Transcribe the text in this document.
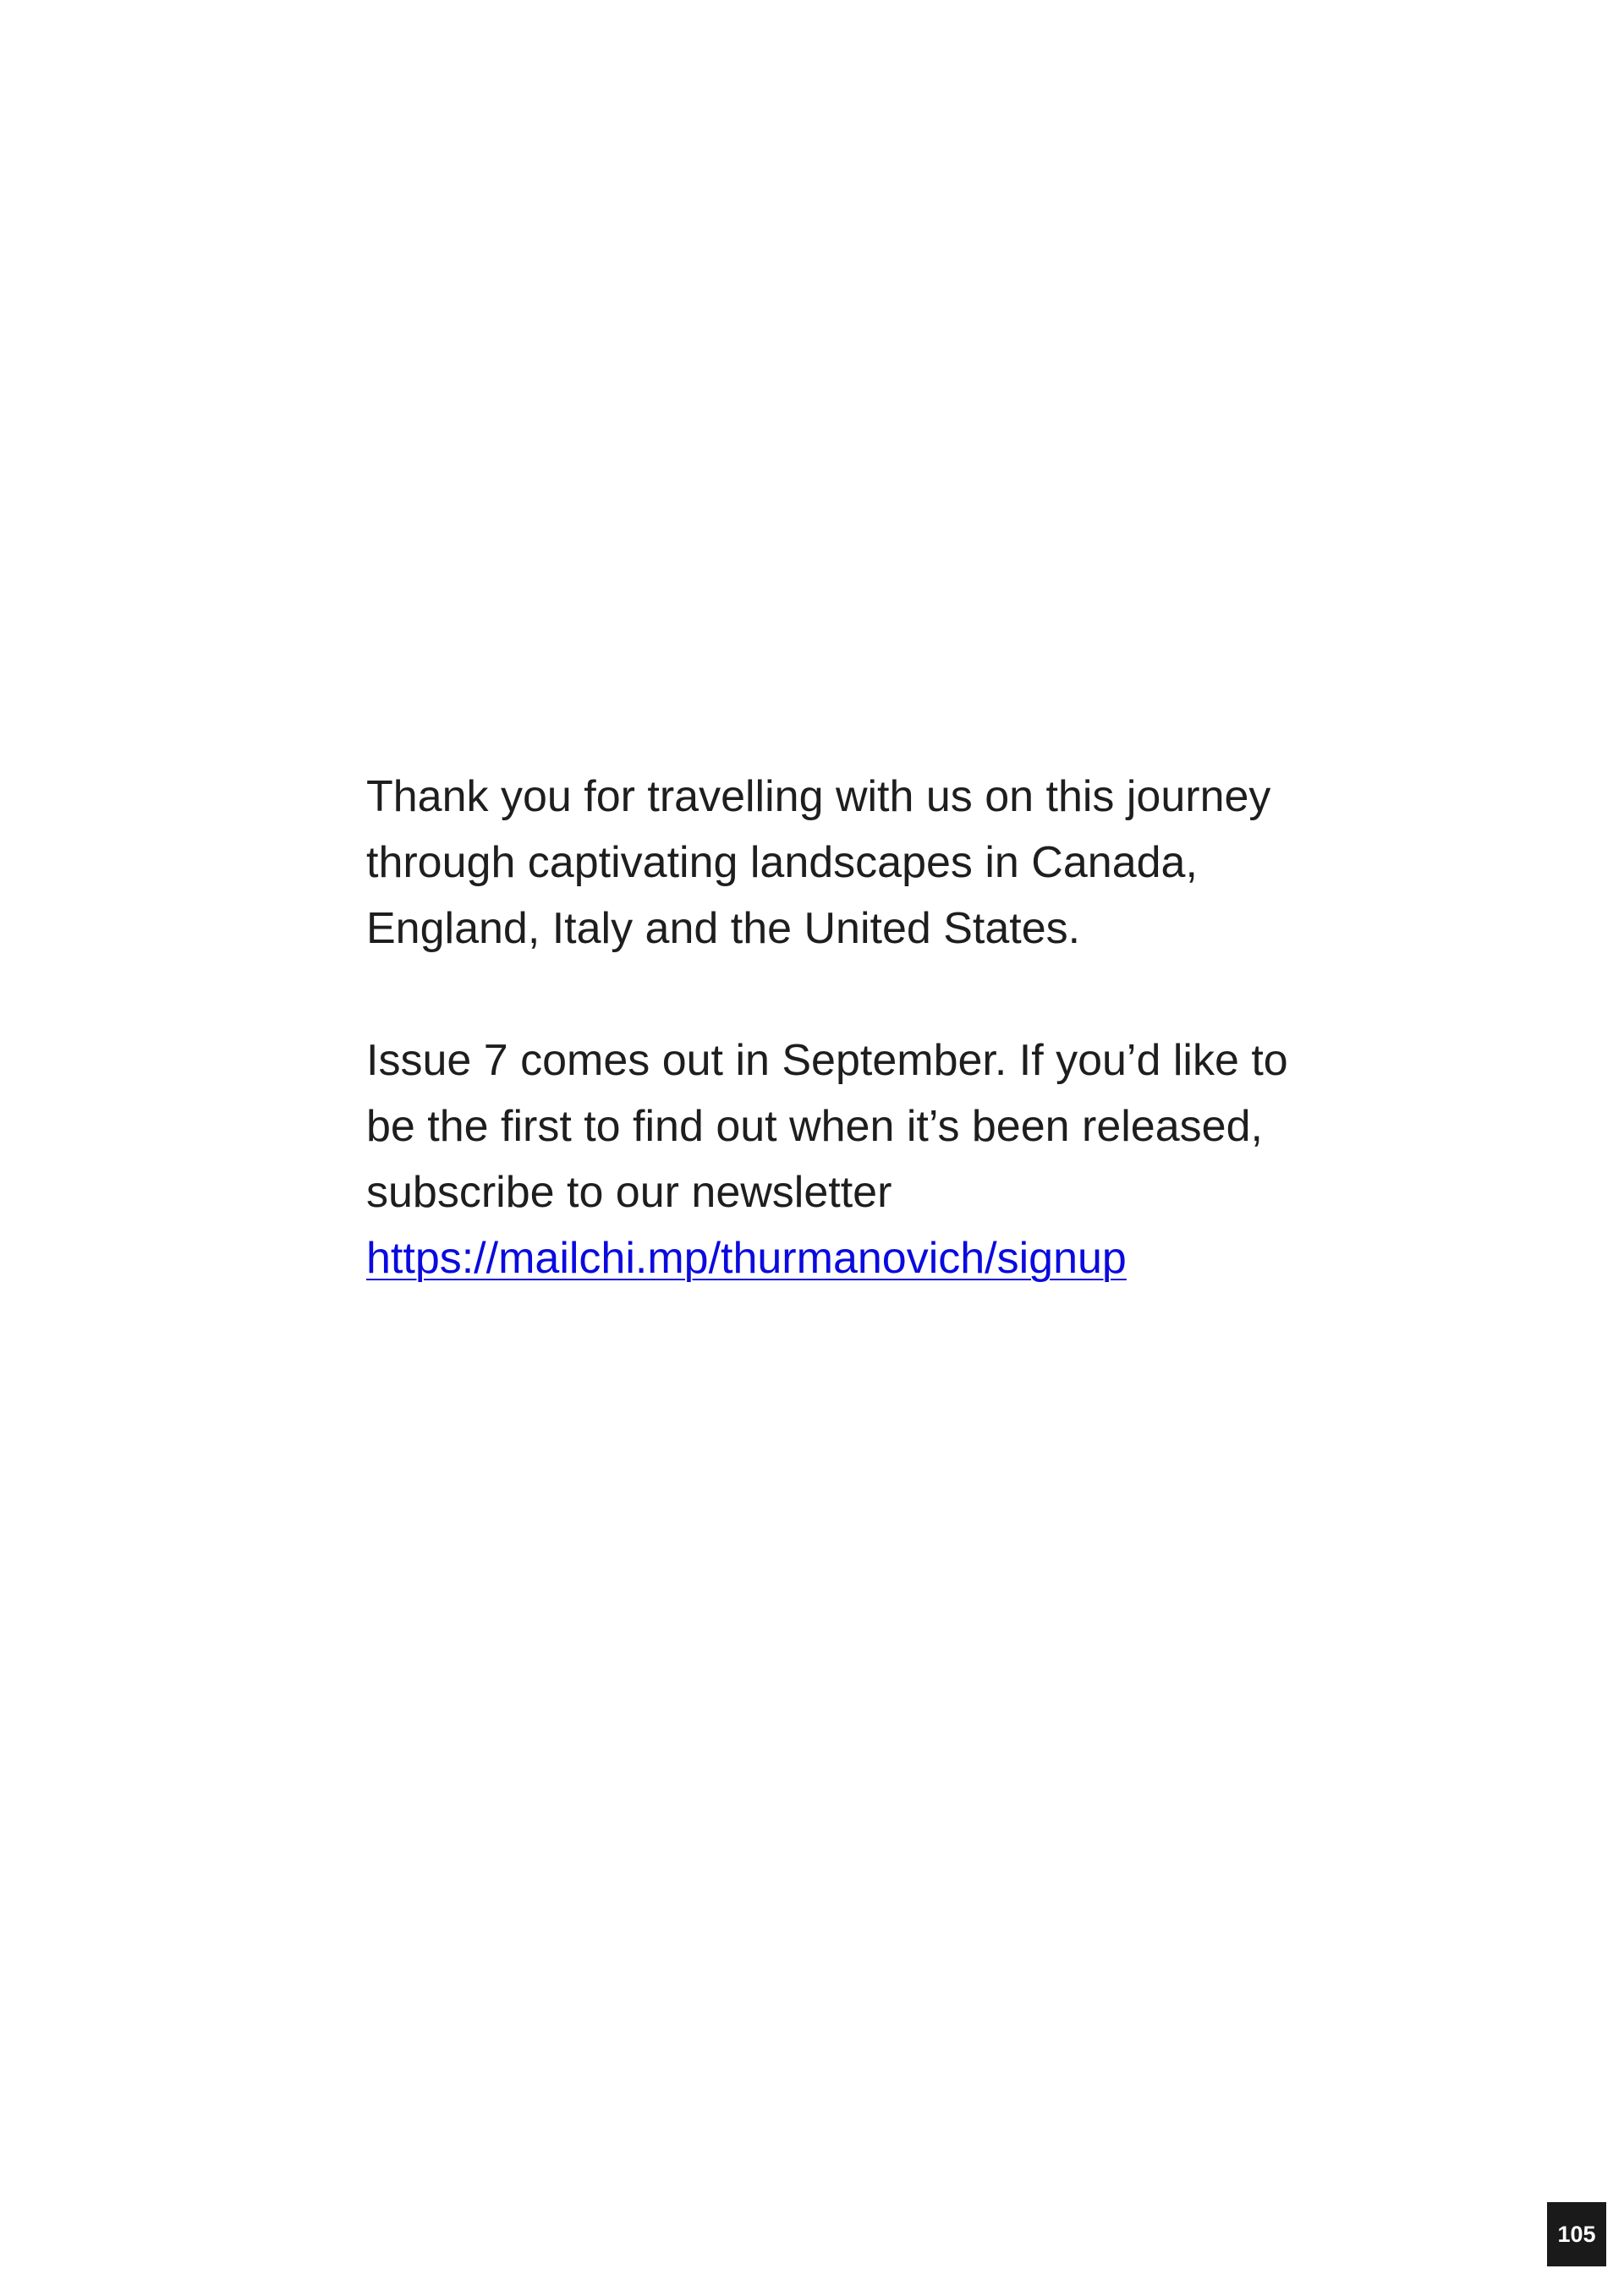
Thank you for travelling with us on this journey
through captivating landscapes in Canada,
England, Italy and the United States.

Issue 7 comes out in September. If you’d like to
be the first to find out when it’s been released,
subscribe to our newsletter
https://mailchi.mp/thurmanovich/signup

105
